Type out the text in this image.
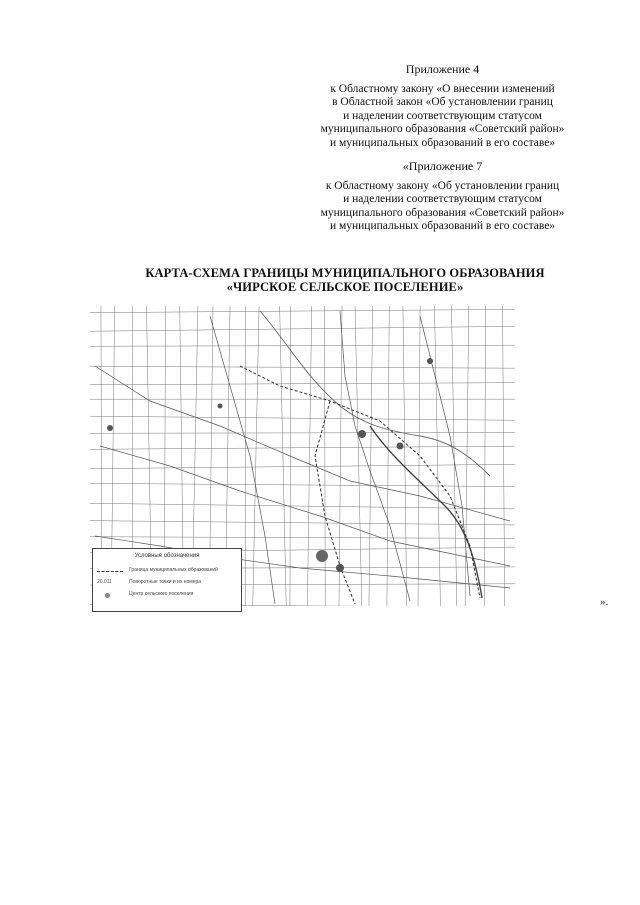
Приложение 4
к Областному закону «О внесении изменений
в Областной закон «Об установлении границ
и наделении соответствующим статусом
муниципального образования «Советский район»
и муниципальных образований в его составе»
«Приложение 7
к Областному закону «Об установлении границ
и наделении соответствующим статусом
муниципального образования «Советский район»
и муниципальных образований в его составе»
КАРТА-СХЕМА ГРАНИЦЫ МУНИЦИПАЛЬНОГО ОБРАЗОВАНИЯ
«ЧИРСКОЕ СЕЛЬСКОЕ ПОСЕЛЕНИЕ»
Условные обозначения
Граница муниципальных образований
20.011	Поворотные точки и их номера
Центр сельского поселения
».
